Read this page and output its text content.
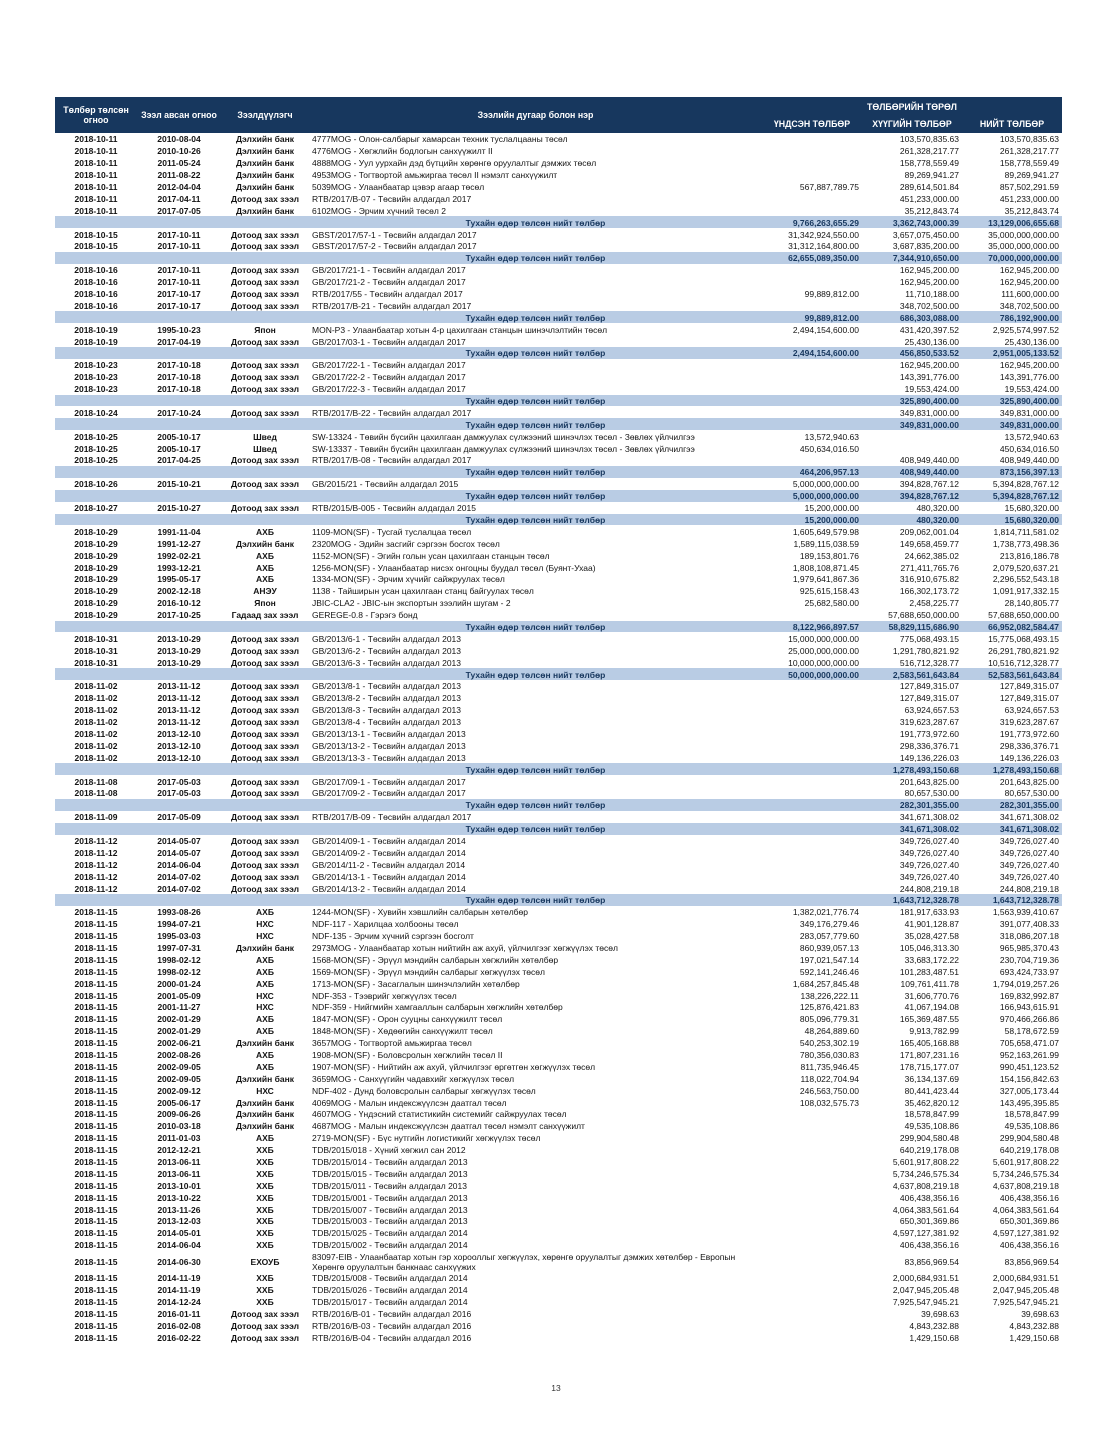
Төлбөр төлсөн огноо	Зээл авсан огноо	Зээлдүүлэгч	Зээлийн дугаар болон нэр	ТӨЛБӨРИЙН ТӨРӨЛ		
				ҮНДСЭН ТӨЛБӨР	ХҮҮГИЙН ТӨЛБӨР	НИЙТ ТӨЛБӨР
2018-10-11	2010-08-04	Дэлхийн банк	4777MOG - Олон-салбарыг хамарсан техник туслалцааны төсөл		103,570,835.63	103,570,835.63
2018-10-11	2010-10-26	Дэлхийн банк	4776MOG - Хөгжлийн бодлогын санхүүжилт II		261,328,217.77	261,328,217.77
2018-10-11	2011-05-24	Дэлхийн банк	4888MOG - Уул уурхайн дэд бүтцийн хөрөнгө оруулалтыг дэмжих төсөл		158,778,559.49	158,778,559.49
2018-10-11	2011-08-22	Дэлхийн банк	4953MOG - Тогтвортой амьжиргаа төсөл II нэмэлт санхүүжилт		89,269,941.27	89,269,941.27
2018-10-11	2012-04-04	Дэлхийн банк	5039MOG - Улаанбаатар цэвэр агаар төсөл	567,887,789.75	289,614,501.84	857,502,291.59
2018-10-11	2017-04-11	Дотоод зах зээл	RTB/2017/B-07 - Төсвийн алдагдал 2017		451,233,000.00	451,233,000.00
2018-10-11	2017-07-05	Дэлхийн банк	6102MOG - Эрчим хүчний төсөл 2		35,212,843.74	35,212,843.74
			Тухайн өдөр төлсөн нийт төлбөр	9,766,263,655.29	3,362,743,000.39	13,129,006,655.68
2018-10-15	2017-10-11	Дотоод зах зээл	GBST/2017/57-1 - Төсвийн алдагдал 2017	31,342,924,550.00	3,657,075,450.00	35,000,000,000.00
2018-10-15	2017-10-11	Дотоод зах зээл	GBST/2017/57-2 - Төсвийн алдагдал 2017	31,312,164,800.00	3,687,835,200.00	35,000,000,000.00
			Тухайн өдөр төлсөн нийт төлбөр	62,655,089,350.00	7,344,910,650.00	70,000,000,000.00
2018-10-16	2017-10-11	Дотоод зах зээл	GB/2017/21-1 - Төсвийн алдагдал 2017		162,945,200.00	162,945,200.00
2018-10-16	2017-10-11	Дотоод зах зээл	GB/2017/21-2 - Төсвийн алдагдал 2017		162,945,200.00	162,945,200.00
2018-10-16	2017-10-17	Дотоод зах зээл	RTB/2017/55 - Төсвийн алдагдал 2017	99,889,812.00	11,710,188.00	111,600,000.00
2018-10-16	2017-10-17	Дотоод зах зээл	RTB/2017/B-21 - Төсвийн алдагдал 2017		348,702,500.00	348,702,500.00
			Тухайн өдөр төлсөн нийт төлбөр	99,889,812.00	686,303,088.00	786,192,900.00
2018-10-19	1995-10-23	Япон	MON-P3 - Улаанбаатар хотын 4-р цахилгаан станцын шинэчлэлтийн төсөл	2,494,154,600.00	431,420,397.52	2,925,574,997.52
2018-10-19	2017-04-19	Дотоод зах зээл	GB/2017/03-1 - Төсвийн алдагдал 2017		25,430,136.00	25,430,136.00
			Тухайн өдөр төлсөн нийт төлбөр	2,494,154,600.00	456,850,533.52	2,951,005,133.52
2018-10-23	2017-10-18	Дотоод зах зээл	GB/2017/22-1 - Төсвийн алдагдал 2017		162,945,200.00	162,945,200.00
2018-10-23	2017-10-18	Дотоод зах зээл	GB/2017/22-2 - Төсвийн алдагдал 2017		143,391,776.00	143,391,776.00
2018-10-23	2017-10-18	Дотоод зах зээл	GB/2017/22-3 - Төсвийн алдагдал 2017		19,553,424.00	19,553,424.00
			Тухайн өдөр төлсөн нийт төлбөр		325,890,400.00	325,890,400.00
2018-10-24	2017-10-24	Дотоод зах зээл	RTB/2017/B-22 - Төсвийн алдагдал 2017		349,831,000.00	349,831,000.00
			Тухайн өдөр төлсөн нийт төлбөр		349,831,000.00	349,831,000.00
2018-10-25	2005-10-17	Швед	SW-13324 - Төвийн бүсийн цахилгаан дамжуулах сүлжээний шинэчлэх төсөл - Зөвлөх үйлчилгээ	13,572,940.63		13,572,940.63
2018-10-25	2005-10-17	Швед	SW-13337 - Төвийн бүсийн цахилгаан дамжуулах сүлжээний шинэчлэх төсөл - Зөвлөх үйлчилгээ	450,634,016.50		450,634,016.50
2018-10-25	2017-04-25	Дотоод зах зээл	RTB/2017/B-08 - Төсвийн алдагдал 2017		408,949,440.00	408,949,440.00
			Тухайн өдөр төлсөн нийт төлбөр	464,206,957.13	408,949,440.00	873,156,397.13
2018-10-26	2015-10-21	Дотоод зах зээл	GB/2015/21 - Төсвийн алдагдал 2015	5,000,000,000.00	394,828,767.12	5,394,828,767.12
			Тухайн өдөр төлсөн нийт төлбөр	5,000,000,000.00	394,828,767.12	5,394,828,767.12
2018-10-27	2015-10-27	Дотоод зах зээл	RTB/2015/B-005 - Төсвийн алдагдал 2015	15,200,000.00	480,320.00	15,680,320.00
			Тухайн өдөр төлсөн нийт төлбөр	15,200,000.00	480,320.00	15,680,320.00
2018-10-29	1991-11-04	АХБ	1109-MON(SF) - Тусгай туслалцаа төсөл	1,605,649,579.98	209,062,001.04	1,814,711,581.02
2018-10-29	1991-12-27	Дэлхийн банк	2320MOG - Эдийн засгийг сэргээн босгох төсөл	1,589,115,038.59	149,658,459.77	1,738,773,498.36
2018-10-29	1992-02-21	АХБ	1152-MON(SF) - Эгийн голын усан цахилгаан станцын төсөл	189,153,801.76	24,662,385.02	213,816,186.78
2018-10-29	1993-12-21	АХБ	1256-MON(SF) - Улаанбаатар нисэх онгоцны буудал төсөл (Буянт-Ухаа)	1,808,108,871.45	271,411,765.76	2,079,520,637.21
2018-10-29	1995-05-17	АХБ	1334-MON(SF) - Эрчим хүчийг сайжруулах төсөл	1,979,641,867.36	316,910,675.82	2,296,552,543.18
2018-10-29	2002-12-18	АНЭУ	1138 - Тайширын усан цахилгаан станц байгуулах төсөл	925,615,158.43	166,302,173.72	1,091,917,332.15
2018-10-29	2016-10-12	Япон	JBIC-CLA2 - JBIC-ын экспортын зээлийн шугам - 2	25,682,580.00	2,458,225.77	28,140,805.77
2018-10-29	2017-10-25	Гадаад зах зээл	GEREGE-0.8 - Гэрэгэ бонд		57,688,650,000.00	57,688,650,000.00
			Тухайн өдөр төлсөн нийт төлбөр	8,122,966,897.57	58,829,115,686.90	66,952,082,584.47
2018-10-31	2013-10-29	Дотоод зах зээл	GB/2013/6-1 - Төсвийн алдагдал 2013	15,000,000,000.00	775,068,493.15	15,775,068,493.15
2018-10-31	2013-10-29	Дотоод зах зээл	GB/2013/6-2 - Төсвийн алдагдал 2013	25,000,000,000.00	1,291,780,821.92	26,291,780,821.92
2018-10-31	2013-10-29	Дотоод зах зээл	GB/2013/6-3 - Төсвийн алдагдал 2013	10,000,000,000.00	516,712,328.77	10,516,712,328.77
			Тухайн өдөр төлсөн нийт төлбөр	50,000,000,000.00	2,583,561,643.84	52,583,561,643.84
2018-11-02	2013-11-12	Дотоод зах зээл	GB/2013/8-1 - Төсвийн алдагдал 2013		127,849,315.07	127,849,315.07
2018-11-02	2013-11-12	Дотоод зах зээл	GB/2013/8-2 - Төсвийн алдагдал 2013		127,849,315.07	127,849,315.07
2018-11-02	2013-11-12	Дотоод зах зээл	GB/2013/8-3 - Төсвийн алдагдал 2013		63,924,657.53	63,924,657.53
2018-11-02	2013-11-12	Дотоод зах зээл	GB/2013/8-4 - Төсвийн алдагдал 2013		319,623,287.67	319,623,287.67
2018-11-02	2013-12-10	Дотоод зах зээл	GB/2013/13-1 - Төсвийн алдагдал 2013		191,773,972.60	191,773,972.60
2018-11-02	2013-12-10	Дотоод зах зээл	GB/2013/13-2 - Төсвийн алдагдал 2013		298,336,376.71	298,336,376.71
2018-11-02	2013-12-10	Дотоод зах зээл	GB/2013/13-3 - Төсвийн алдагдал 2013		149,136,226.03	149,136,226.03
			Тухайн өдөр төлсөн нийт төлбөр		1,278,493,150.68	1,278,493,150.68
2018-11-08	2017-05-03	Дотоод зах зээл	GB/2017/09-1 - Төсвийн алдагдал 2017		201,643,825.00	201,643,825.00
2018-11-08	2017-05-03	Дотоод зах зээл	GB/2017/09-2 - Төсвийн алдагдал 2017		80,657,530.00	80,657,530.00
			Тухайн өдөр төлсөн нийт төлбөр		282,301,355.00	282,301,355.00
2018-11-09	2017-05-09	Дотоод зах зээл	RTB/2017/B-09 - Төсвийн алдагдал 2017		341,671,308.02	341,671,308.02
			Тухайн өдөр төлсөн нийт төлбөр		341,671,308.02	341,671,308.02
2018-11-12	2014-05-07	Дотоод зах зээл	GB/2014/09-1 - Төсвийн алдагдал 2014		349,726,027.40	349,726,027.40
2018-11-12	2014-05-07	Дотоод зах зээл	GB/2014/09-2 - Төсвийн алдагдал 2014		349,726,027.40	349,726,027.40
2018-11-12	2014-06-04	Дотоод зах зээл	GB/2014/11-2 - Төсвийн алдагдал 2014		349,726,027.40	349,726,027.40
2018-11-12	2014-07-02	Дотоод зах зээл	GB/2014/13-1 - Төсвийн алдагдал 2014		349,726,027.40	349,726,027.40
2018-11-12	2014-07-02	Дотоод зах зээл	GB/2014/13-2 - Төсвийн алдагдал 2014		244,808,219.18	244,808,219.18
			Тухайн өдөр төлсөн нийт төлбөр		1,643,712,328.78	1,643,712,328.78
2018-11-15	1993-08-26	АХБ	1244-MON(SF) - Хувийн хэвшлийн салбарын хөтөлбөр	1,382,021,776.74	181,917,633.93	1,563,939,410.67
2018-11-15	1994-07-21	НХС	NDF-117 - Харилцаа холбооны төсөл	349,176,279.46	41,901,128.87	391,077,408.33
2018-11-15	1995-03-03	НХС	NDF-135 - Эрчим хүчний сэргээн босголт	283,057,779.60	35,028,427.58	318,086,207.18
2018-11-15	1997-07-31	Дэлхийн банк	2973MOG - Улаанбаатар хотын нийтийн аж ахуй, үйлчилгээг хөгжүүлэх төсөл	860,939,057.13	105,046,313.30	965,985,370.43
2018-11-15	1998-02-12	АХБ	1568-MON(SF) - Эрүүл мэндийн салбарын хөгжлийн хөтөлбөр	197,021,547.14	33,683,172.22	230,704,719.36
2018-11-15	1998-02-12	АХБ	1569-MON(SF) - Эрүүл мэндийн салбарыг хөгжүүлэх төсөл	592,141,246.46	101,283,487.51	693,424,733.97
2018-11-15	2000-01-24	АХБ	1713-MON(SF) - Засаглалын шинэчлэлийн хөтөлбөр	1,684,257,845.48	109,761,411.78	1,794,019,257.26
2018-11-15	2001-05-09	НХС	NDF-353 - Тээврийг хөгжүүлэх төсөл	138,226,222.11	31,606,770.76	169,832,992.87
2018-11-15	2001-11-27	НХС	NDF-359 - Нийгмийн хамгааллын салбарын хөгжлийн хөтөлбөр	125,876,421.83	41,067,194.08	166,943,615.91
2018-11-15	2002-01-29	АХБ	1847-MON(SF) - Орон сууцны санхүүжилт төсөл	805,096,779.31	165,369,487.55	970,466,266.86
2018-11-15	2002-01-29	АХБ	1848-MON(SF) - Хөдөөгийн санхүүжилт төсөл	48,264,889.60	9,913,782.99	58,178,672.59
2018-11-15	2002-06-21	Дэлхийн банк	3657MOG - Тогтвортой амьжиргаа төсөл	540,253,302.19	165,405,168.88	705,658,471.07
2018-11-15	2002-08-26	АХБ	1908-MON(SF) - Боловсролын хөгжлийн төсөл II	780,356,030.83	171,807,231.16	952,163,261.99
2018-11-15	2002-09-05	АХБ	1907-MON(SF) - Нийтийн аж ахуй, үйлчилгээг өргөтгөн хөгжүүлэх төсөл	811,735,946.45	178,715,177.07	990,451,123.52
2018-11-15	2002-09-05	Дэлхийн банк	3659MOG - Санхүүгийн чадавхийг хөгжүүлэх төсөл	118,022,704.94	36,134,137.69	154,156,842.63
2018-11-15	2002-09-12	НХС	NDF-402 - Дунд боловсролын салбарыг хөгжүүлэх төсөл	246,563,750.00	80,441,423.44	327,005,173.44
2018-11-15	2005-06-17	Дэлхийн банк	4069MOG - Малын индексжүүлсэн даатгал төсөл	108,032,575.73	35,462,820.12	143,495,395.85
2018-11-15	2009-06-26	Дэлхийн банк	4607MOG - Үндэсний статистикийн системийг сайжруулах төсөл		18,578,847.99	18,578,847.99
2018-11-15	2010-03-18	Дэлхийн банк	4687MOG - Малын индексжүүлсэн даатгал төсөл нэмэлт санхүүжилт		49,535,108.86	49,535,108.86
2018-11-15	2011-01-03	АХБ	2719-MON(SF) - Бүс нутгийн логистикийг хөгжүүлэх төсөл		299,904,580.48	299,904,580.48
2018-11-15	2012-12-21	ХХБ	TDB/2015/018 - Хүний хөгжил сан 2012		640,219,178.08	640,219,178.08
2018-11-15	2013-06-11	ХХБ	TDB/2015/014 - Төсвийн алдагдал 2013		5,601,917,808.22	5,601,917,808.22
2018-11-15	2013-06-11	ХХБ	TDB/2015/015 - Төсвийн алдагдал 2013		5,734,246,575.34	5,734,246,575.34
2018-11-15	2013-10-01	ХХБ	TDB/2015/011 - Төсвийн алдагдал 2013		4,637,808,219.18	4,637,808,219.18
2018-11-15	2013-10-22	ХХБ	TDB/2015/001 - Төсвийн алдагдал 2013		406,438,356.16	406,438,356.16
2018-11-15	2013-11-26	ХХБ	TDB/2015/007 - Төсвийн алдагдал 2013		4,064,383,561.64	4,064,383,561.64
2018-11-15	2013-12-03	ХХБ	TDB/2015/003 - Төсвийн алдагдал 2013		650,301,369.86	650,301,369.86
2018-11-15	2014-05-01	ХХБ	TDB/2015/025 - Төсвийн алдагдал 2014		4,597,127,381.92	4,597,127,381.92
2018-11-15	2014-06-04	ХХБ	TDB/2015/002 - Төсвийн алдагдал 2014		406,438,356.16	406,438,356.16
2018-11-15	2014-06-30	ЕХОУБ	83097-EIB - Улаанбаатар хотын гэр хорооллыг хөгжүүлэх, хөрөнгө оруулалтыг дэмжих хөтөлбөр - Европын Хөрөнгө оруулалтын банкнаас санхүүжих		83,856,969.54	83,856,969.54
2018-11-15	2014-11-19	ХХБ	TDB/2015/008 - Төсвийн алдагдал 2014		2,000,684,931.51	2,000,684,931.51
2018-11-15	2014-11-19	ХХБ	TDB/2015/026 - Төсвийн алдагдал 2014		2,047,945,205.48	2,047,945,205.48
2018-11-15	2014-12-24	ХХБ	TDB/2015/017 - Төсвийн алдагдал 2014		7,925,547,945.21	7,925,547,945.21
2018-11-15	2016-01-11	Дотоод зах зээл	RTB/2016/B-01 - Төсвийн алдагдал 2016		39,698.63	39,698.63
2018-11-15	2016-02-08	Дотоод зах зээл	RTB/2016/B-03 - Төсвийн алдагдал 2016		4,843,232.88	4,843,232.88
2018-11-15	2016-02-22	Дотоод зах зээл	RTB/2016/B-04 - Төсвийн алдагдал 2016		1,429,150.68	1,429,150.68
13
